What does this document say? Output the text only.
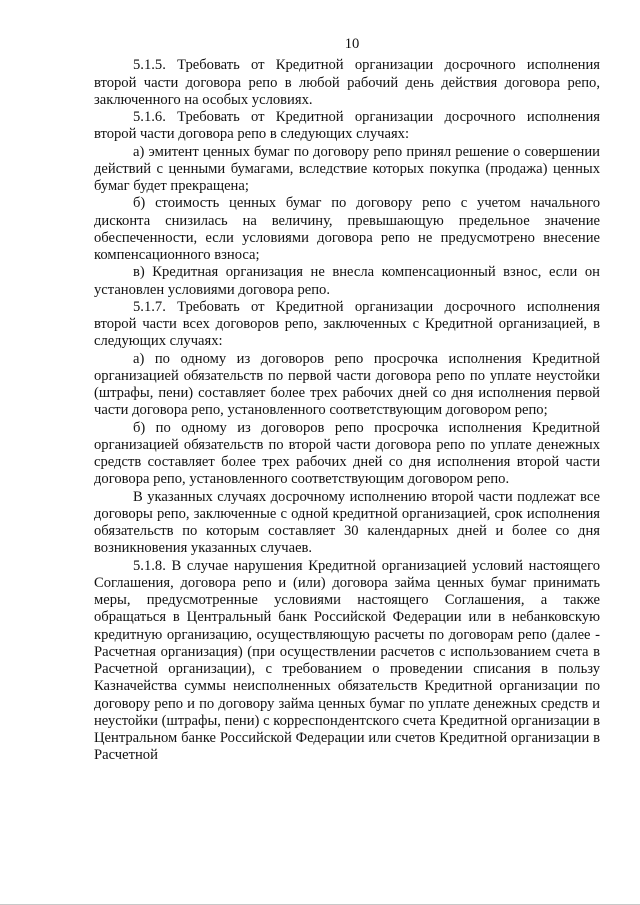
10

5.1.5. Требовать от Кредитной организации досрочного исполнения второй части договора репо в любой рабочий день действия договора репо, заключенного на особых условиях.

5.1.6. Требовать от Кредитной организации досрочного исполнения второй части договора репо в следующих случаях:

а) эмитент ценных бумаг по договору репо принял решение о совершении действий с ценными бумагами, вследствие которых покупка (продажа) ценных бумаг будет прекращена;

б) стоимость ценных бумаг по договору репо с учетом начального дисконта снизилась на величину, превышающую предельное значение обеспеченности, если условиями договора репо не предусмотрено внесение компенсационного взноса;

в) Кредитная организация не внесла компенсационный взнос, если он установлен условиями договора репо.

5.1.7. Требовать от Кредитной организации досрочного исполнения второй части всех договоров репо, заключенных с Кредитной организацией, в следующих случаях:

а) по одному из договоров репо просрочка исполнения Кредитной организацией обязательств по первой части договора репо по уплате неустойки (штрафы, пени) составляет более трех рабочих дней со дня исполнения первой части договора репо, установленного соответствующим договором репо;

б) по одному из договоров репо просрочка исполнения Кредитной организацией обязательств по второй части договора репо по уплате денежных средств составляет более трех рабочих дней со дня исполнения второй части договора репо, установленного соответствующим договором репо.

В указанных случаях досрочному исполнению второй части подлежат все договоры репо, заключенные с одной кредитной организацией, срок исполнения обязательств по которым составляет 30 календарных дней и более со дня возникновения указанных случаев.

5.1.8. В случае нарушения Кредитной организацией условий настоящего Соглашения, договора репо и (или) договора займа ценных бумаг принимать меры, предусмотренные условиями настоящего Соглашения, а также обращаться в Центральный банк Российской Федерации или в небанковскую кредитную организацию, осуществляющую расчеты по договорам репо (далее - Расчетная организация) (при осуществлении расчетов с использованием счета в Расчетной организации), с требованием о проведении списания в пользу Казначейства суммы неисполненных обязательств Кредитной организации по договору репо и по договору займа ценных бумаг по уплате денежных средств и неустойки (штрафы, пени) с корреспондентского счета Кредитной организации в Центральном банке Российской Федерации или счетов Кредитной организации в Расчетной
